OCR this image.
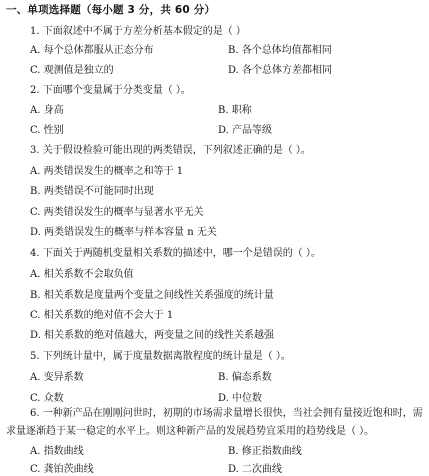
一、单项选择题（每小题 3 分，共 60 分）
1. 下面叙述中不属于方差分析基本假定的是（ ）
A. 每个总体都服从正态分布	B. 各个总体均值都相同
C. 观测值是独立的	D. 各个总体方差都相同
2. 下面哪个变量属于分类变量（ ）。
A. 身高	B. 职称
C. 性别	D. 产品等级
3. 关于假设检验可能出现的两类错误，下列叙述正确的是（ ）。
A. 两类错误发生的概率之和等于 1
B. 两类错误不可能同时出现
C. 两类错误发生的概率与显著水平无关
D. 两类错误发生的概率与样本容量 n 无关
4. 下面关于两随机变量相关系数的描述中，哪一个是错误的（ ）。
A. 相关系数不会取负值
B. 相关系数是度量两个变量之间线性关系强度的统计量
C. 相关系数的绝对值不会大于 1
D. 相关系数的绝对值越大，两变量之间的线性关系越强
5. 下列统计量中，属于度量数据离散程度的统计量是（ ）。
A. 变异系数	B. 偏态系数
C. 众数	D. 中位数
6. 一种新产品在刚刚问世时，初期的市场需求量增长很快，当社会拥有量接近饱和时，需求量逐渐趋于某一稳定的水平上。则这种新产品的发展趋势宜采用的趋势线是（ ）。
A. 指数曲线	B. 修正指数曲线
C. 龚铂茨曲线	D. 二次曲线
